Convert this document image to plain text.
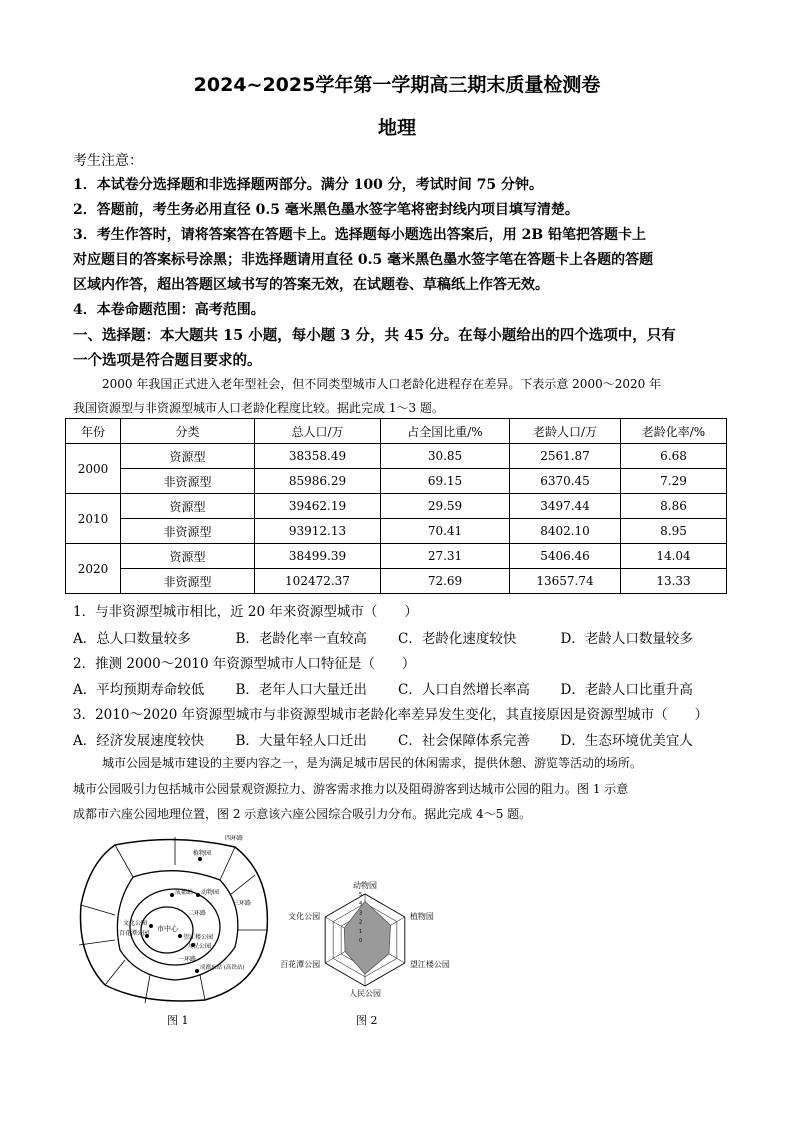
2024~2025学年第一学期高三期末质量检测卷
地理
考生注意：
1．本试卷分选择题和非选择题两部分。满分 100 分，考试时间 75 分钟。
2．答题前，考生务必用直径 0.5 毫米黑色墨水签字笔将密封线内项目填写清楚。
3．考生作答时，请将答案答在答题卡上。选择题每小题选出答案后，用 2B 铅笔把答题卡上
对应题目的答案标号涂黑；非选择题请用直径 0.5 毫米黑色墨水签字笔在答题卡上各题的答题
区域内作答，超出答题区域书写的答案无效，在试题卷、草稿纸上作答无效。
4．本卷命题范围：高考范围。
一、选择题：本大题共 15 小题，每小题 3 分，共 45 分。在每小题给出的四个选项中，只有
一个选项是符合题目要求的。
2000 年我国正式进入老年型社会，但不同类型城市人口老龄化进程存在差异。下表示意 2000～2020 年
我国资源型与非资源型城市人口老龄化程度比较。据此完成 1～3 题。
年份	分类	总人口/万	占全国比重/%	老龄人口/万	老龄化率/%
2000	资源型	38358.49	30.85	2561.87	6.68
	非资源型	85986.29	69.15	6370.45	7.29
2010	资源型	39462.19	29.59	3497.44	8.86
	非资源型	93912.13	70.41	8402.10	8.95
2020	资源型	38499.39	27.31	5406.46	14.04
	非资源型	102472.37	72.69	13657.74	13.33
1．与非资源型城市相比，近 20 年来资源型城市（　　）
A．总人口数量较多	B．老龄化率一直较高	C．老龄化速度较快	D．老龄人口数量较多
2．推测 2000～2010 年资源型城市人口特征是（　　）
A．平均预期寿命较低	B．老年人口大量迁出	C．人口自然增长率高	D．老龄人口比重升高
3．2010～2020 年资源型城市与非资源型城市老龄化率差异发生变化，其直接原因是资源型城市（　　）
A．经济发展速度较快	B．大量年轻人口迁出	C．社会保障体系完善	D．生态环境优美宜人
城市公园是城市建设的主要内容之一，是为满足城市居民的休闲需求，提供休憩、游览等活动的场所。
城市公园吸引力包括城市公园景观资源拉力、游客需求推力以及阻碍游客到达城市公园的阻力。图 1 示意
成都市六座公园地理位置，图 2 示意该六座公园综合吸引力分布。据此完成 4～5 题。
四环路
植物园
成都站 动物园
三环路
二环路
文化公园
百花潭公园
市中心
望江楼公园
人民公园
一环路
成都东站 (高铁站)
图 1
动物园
植物园
望江楼公园
人民公园
百花潭公园
文化公园
5
4
3
2
1
0
图 2
